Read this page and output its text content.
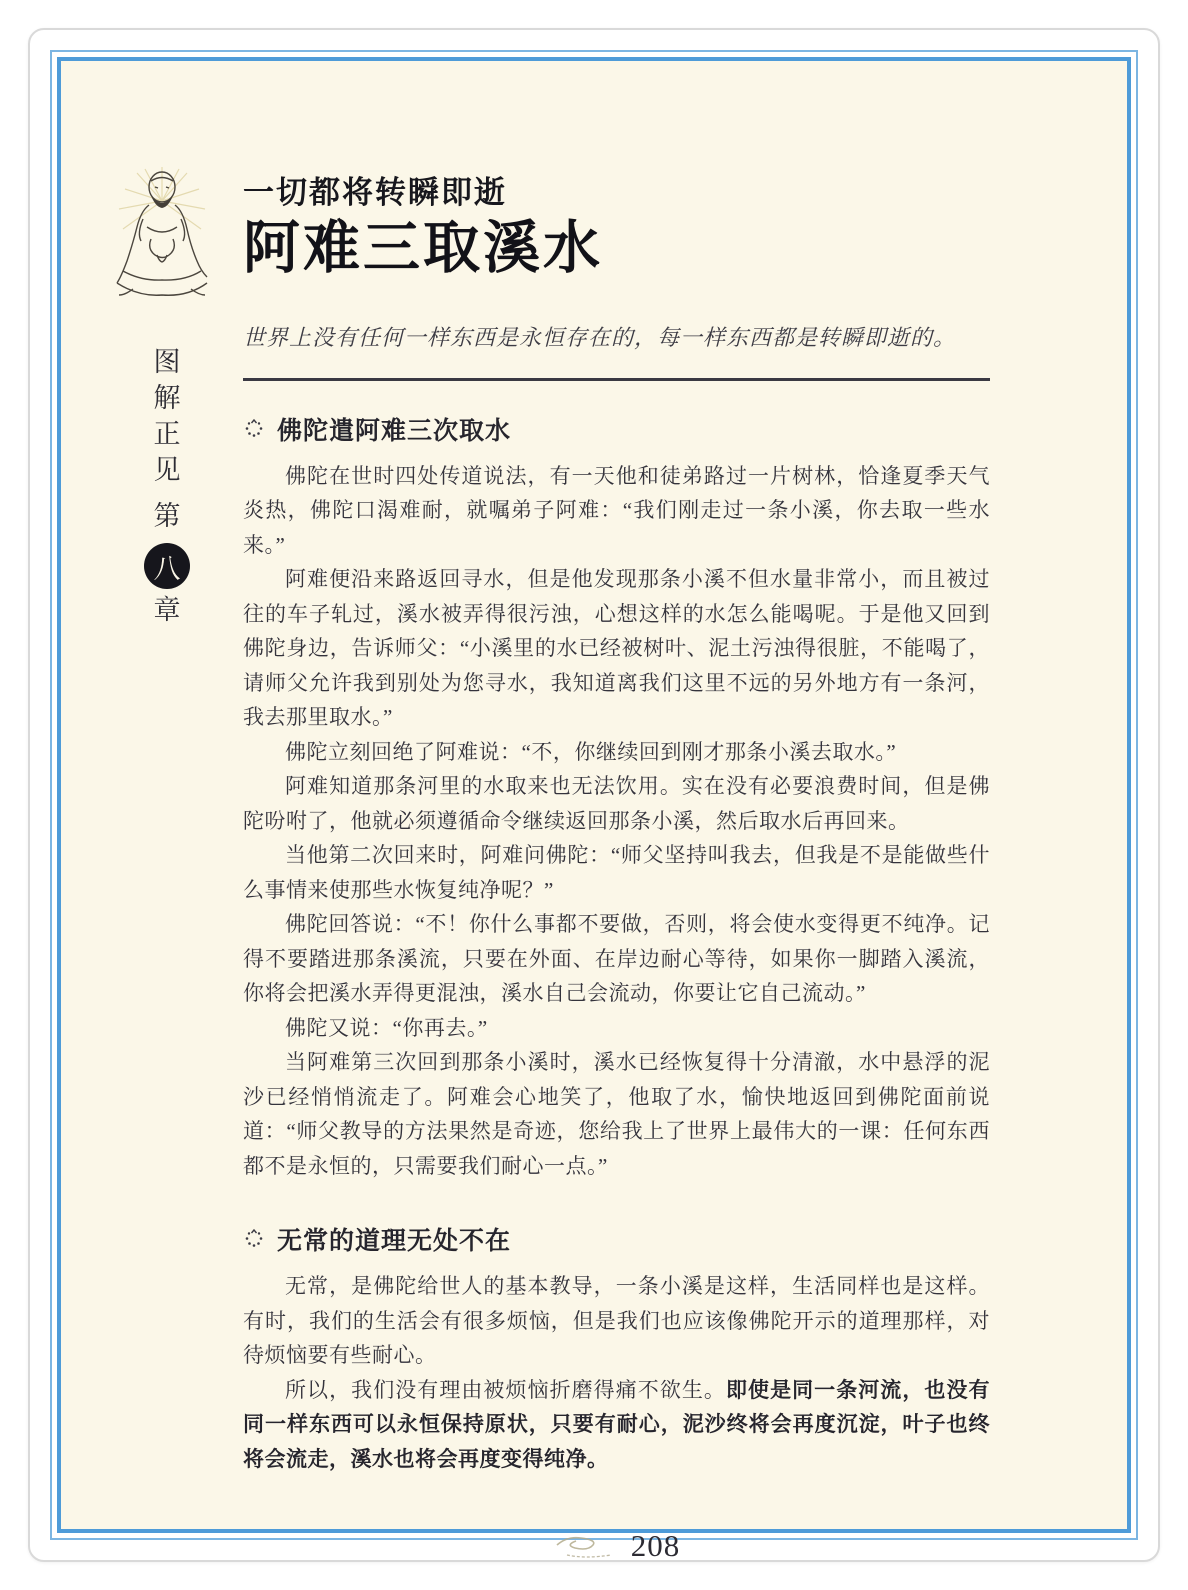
图
解
正
见
第
八
章
一切都将转瞬即逝
阿难三取溪水
世界上没有任何一样东西是永恒存在的，每一样东西都是转瞬即逝的。
佛陀遣阿难三次取水

佛陀在世时四处传道说法，有一天他和徒弟路过一片树林，恰逢夏季天气炎热，佛陀口渴难耐，就嘱弟子阿难：“我们刚走过一条小溪，你去取一些水来。”

阿难便沿来路返回寻水，但是他发现那条小溪不但水量非常小，而且被过往的车子轧过，溪水被弄得很污浊，心想这样的水怎么能喝呢。于是他又回到佛陀身边，告诉师父：“小溪里的水已经被树叶、泥土污浊得很脏，不能喝了，请师父允许我到别处为您寻水，我知道离我们这里不远的另外地方有一条河，我去那里取水。”

佛陀立刻回绝了阿难说：“不，你继续回到刚才那条小溪去取水。”

阿难知道那条河里的水取来也无法饮用。实在没有必要浪费时间，但是佛陀吩咐了，他就必须遵循命令继续返回那条小溪，然后取水后再回来。

当他第二次回来时，阿难问佛陀：“师父坚持叫我去，但我是不是能做些什么事情来使那些水恢复纯净呢？”

佛陀回答说：“不！你什么事都不要做，否则，将会使水变得更不纯净。记得不要踏进那条溪流，只要在外面、在岸边耐心等待，如果你一脚踏入溪流，你将会把溪水弄得更混浊，溪水自己会流动，你要让它自己流动。”

佛陀又说：“你再去。”

当阿难第三次回到那条小溪时，溪水已经恢复得十分清澈，水中悬浮的泥沙已经悄悄流走了。阿难会心地笑了，他取了水，愉快地返回到佛陀面前说道：“师父教导的方法果然是奇迹，您给我上了世界上最伟大的一课：任何东西都不是永恒的，只需要我们耐心一点。”

无常的道理无处不在

无常，是佛陀给世人的基本教导，一条小溪是这样，生活同样也是这样。有时，我们的生活会有很多烦恼，但是我们也应该像佛陀开示的道理那样，对待烦恼要有些耐心。

所以，我们没有理由被烦恼折磨得痛不欲生。即使是同一条河流，也没有同一样东西可以永恒保持原状，只要有耐心，泥沙终将会再度沉淀，叶子也终将会流走，溪水也将会再度变得纯净。

208
